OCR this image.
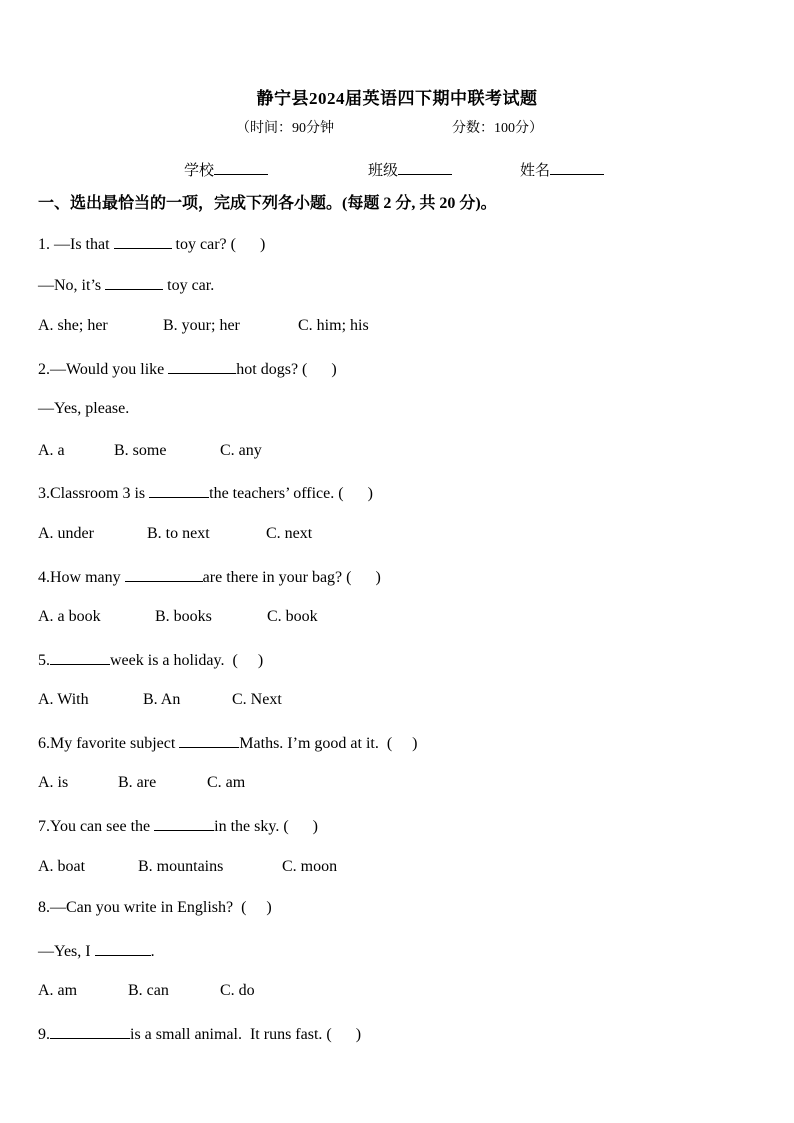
静宁县2024届英语四下期中联考试题
（时间：90分钟	分数：100分）
学校	班级	姓名
一、选出最恰当的一项，完成下列各小题。(每题 2 分, 共 20 分)。
1. —Is that	toy car? (      )
—No, it’s	toy car.
A. she; her	B. your; her	C. him; his
2.—Would you like	hot dogs? (      )
—Yes, please.
A. a	B. some	C. any
3.Classroom 3 is	the teachers’ office. (      )
A. under	B. to next	C. next
4.How many	are there in your bag? (      )
A. a book	B. books	C. book
5.	week is a holiday.  (     )
A. With	B. An	C. Next
6.My favorite subject	Maths. I’m good at it.  (     )
A. is	B. are	C. am
7.You can see the	in the sky. (      )
A. boat	B. mountains	C. moon
8.—Can you write in English?  (     )
—Yes, I	.
A. am	B. can	C. do
9.	is a small animal.  It runs fast. (      )
